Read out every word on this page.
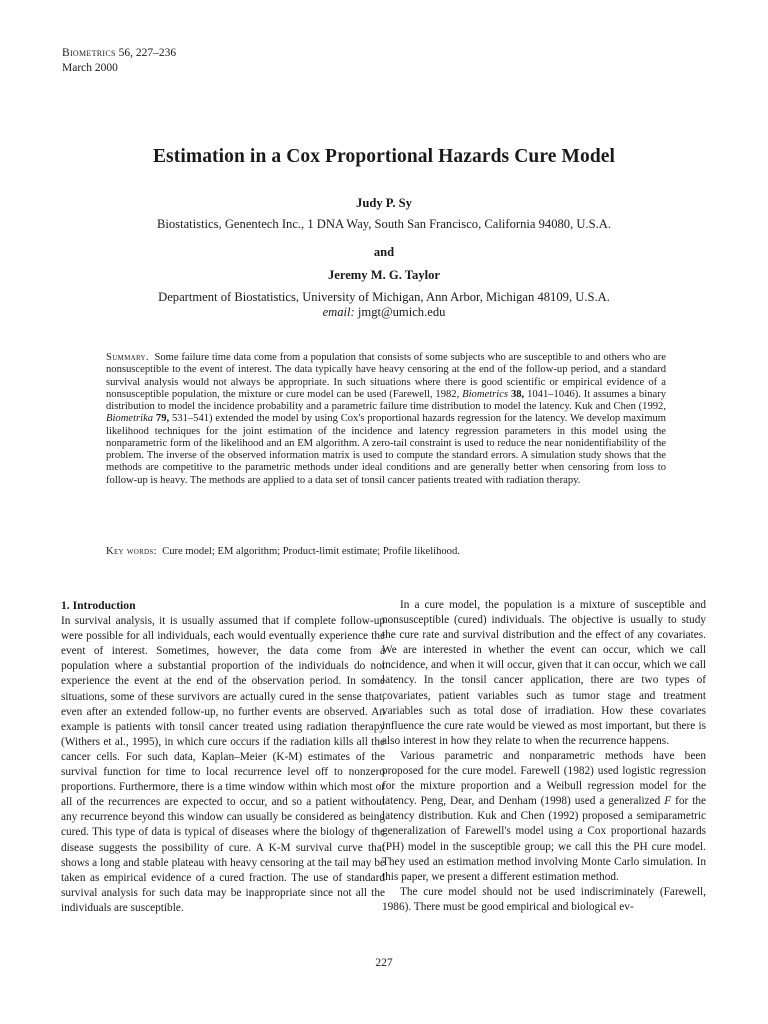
Biometrics 56, 227–236
March 2000
Estimation in a Cox Proportional Hazards Cure Model
Judy P. Sy
Biostatistics, Genentech Inc., 1 DNA Way, South San Francisco, California 94080, U.S.A.
and
Jeremy M. G. Taylor
Department of Biostatistics, University of Michigan, Ann Arbor, Michigan 48109, U.S.A.
email: jmgt@umich.edu
Summary. Some failure time data come from a population that consists of some subjects who are susceptible to and others who are nonsusceptible to the event of interest. The data typically have heavy censoring at the end of the follow-up period, and a standard survival analysis would not always be appropriate. In such situations where there is good scientific or empirical evidence of a nonsusceptible population, the mixture or cure model can be used (Farewell, 1982, Biometrics 38, 1041–1046). It assumes a binary distribution to model the incidence probability and a parametric failure time distribution to model the latency. Kuk and Chen (1992, Biometrika 79, 531–541) extended the model by using Cox's proportional hazards regression for the latency. We develop maximum likelihood techniques for the joint estimation of the incidence and latency regression parameters in this model using the nonparametric form of the likelihood and an EM algorithm. A zero-tail constraint is used to reduce the near nonidentifiability of the problem. The inverse of the observed information matrix is used to compute the standard errors. A simulation study shows that the methods are competitive to the parametric methods under ideal conditions and are generally better when censoring from loss to follow-up is heavy. The methods are applied to a data set of tonsil cancer patients treated with radiation therapy.
Key words: Cure model; EM algorithm; Product-limit estimate; Profile likelihood.
1. Introduction

In survival analysis, it is usually assumed that if complete follow-up were possible for all individuals, each would eventually experience the event of interest. Sometimes, however, the data come from a population where a substantial proportion of the individuals do not experience the event at the end of the observation period. In some situations, some of these survivors are actually cured in the sense that, even after an extended follow-up, no further events are observed. An example is patients with tonsil cancer treated using radiation therapy (Withers et al., 1995), in which cure occurs if the radiation kills all the cancer cells. For such data, Kaplan–Meier (K-M) estimates of the survival function for time to local recurrence level off to nonzero proportions. Furthermore, there is a time window within which most or all of the recurrences are expected to occur, and so a patient without any recurrence beyond this window can usually be considered as being cured. This type of data is typical of diseases where the biology of the disease suggests the possibility of cure. A K-M survival curve that shows a long and stable plateau with heavy censoring at the tail may be taken as empirical evidence of a cured fraction. The use of standard survival analysis for such data may be inappropriate since not all the individuals are susceptible.

In a cure model, the population is a mixture of susceptible and nonsusceptible (cured) individuals. The objective is usually to study the cure rate and survival distribution and the effect of any covariates. We are interested in whether the event can occur, which we call incidence, and when it will occur, given that it can occur, which we call latency. In the tonsil cancer application, there are two types of covariates, patient variables such as tumor stage and treatment variables such as total dose of irradiation. How these covariates influence the cure rate would be viewed as most important, but there is also interest in how they relate to when the recurrence happens.

Various parametric and nonparametric methods have been proposed for the cure model. Farewell (1982) used logistic regression for the mixture proportion and a Weibull regression model for the latency. Peng, Dear, and Denham (1998) used a generalized F for the latency distribution. Kuk and Chen (1992) proposed a semiparametric generalization of Farewell's model using a Cox proportional hazards (PH) model in the susceptible group; we call this the PH cure model. They used an estimation method involving Monte Carlo simulation. In this paper, we present a different estimation method.

The cure model should not be used indiscriminately (Farewell, 1986). There must be good empirical and biological ev-

227
